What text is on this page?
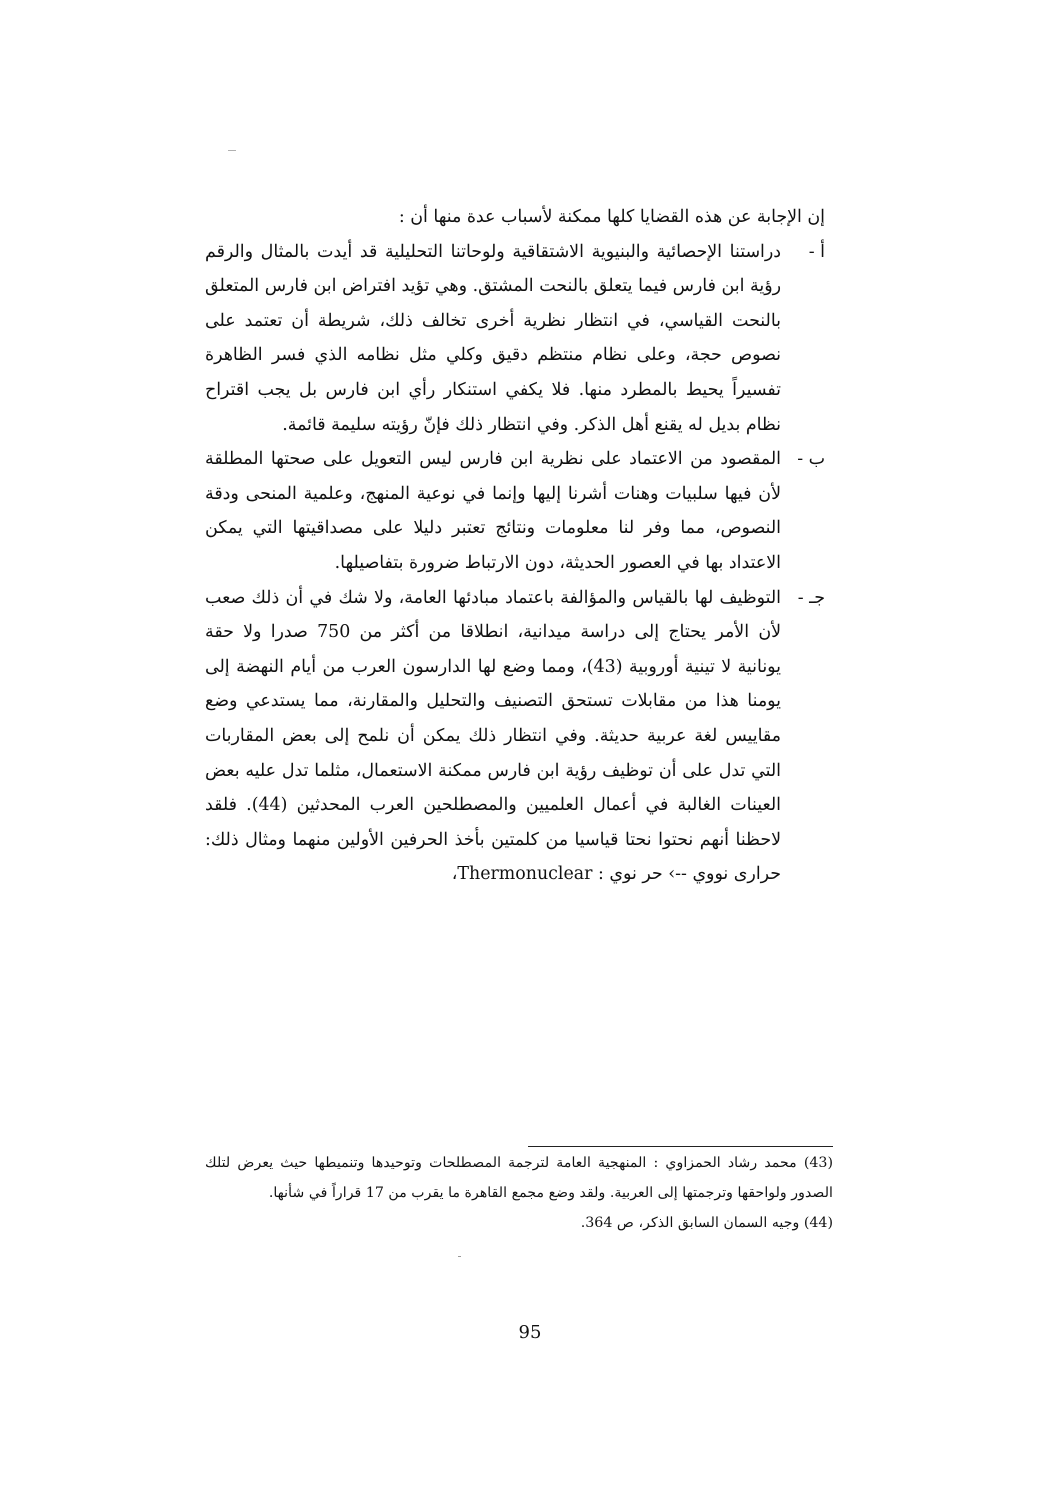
إن الإجابة عن هذه القضايا كلها ممكنة لأسباب عدة منها أن :

أ -

دراستنا الإحصائية والبنيوية الاشتقاقية ولوحاتنا التحليلية قد أيدت بالمثال والرقم رؤية ابن فارس فيما يتعلق بالنحت المشتق. وهي تؤيد افتراض ابن فارس المتعلق بالنحت القياسي، في انتظار نظرية أخرى تخالف ذلك، شريطة أن تعتمد على نصوص حجة، وعلى نظام منتظم دقيق وكلي مثل نظامه الذي فسر الظاهرة تفسيراً يحيط بالمطرد منها. فلا يكفي استنكار رأي ابن فارس بل يجب اقتراح نظام بديل له يقنع أهل الذكر. وفي انتظار ذلك فإنّ رؤيته سليمة قائمة.

ب -

المقصود من الاعتماد على نظرية ابن فارس ليس التعويل على صحتها المطلقة لأن فيها سلبيات وهنات أشرنا إليها وإنما في نوعية المنهج، وعلمية المنحى ودقة النصوص، مما وفر لنا معلومات ونتائج تعتبر دليلا على مصداقيتها التي يمكن الاعتداد بها في العصور الحديثة، دون الارتباط ضرورة بتفاصيلها.

جـ -

التوظيف لها بالقياس والمؤالفة باعتماد مبادئها العامة، ولا شك في أن ذلك صعب لأن الأمر يحتاج إلى دراسة ميدانية، انطلاقا من أكثر من 750 صدرا ولا حقة يونانية لا تينية أوروبية (43)، ومما وضع لها الدارسون العرب من أيام النهضة إلى يومنا هذا من مقابلات تستحق التصنيف والتحليل والمقارنة، مما يستدعي وضع مقاييس لغة عربية حديثة. وفي انتظار ذلك يمكن أن نلمح إلى بعض المقاربات التي تدل على أن توظيف رؤية ابن فارس ممكنة الاستعمال، مثلما تدل عليه بعض العينات الغالبة في أعمال العلميين والمصطلحين العرب المحدثين (44). فلقد لاحظنا أنهم نحتوا نحتا قياسيا من كلمتين بأخذ الحرفين الأولين منهما ومثال ذلك: حرارى نووي --› حر نوي : Thermonuclear،

(43) محمد رشاد الحمزاوي : المنهجية العامة لترجمة المصطلحات وتوحيدها وتنميطها حيث يعرض لتلك الصدور ولواحقها وترجمتها إلى العربية. ولقد وضع مجمع القاهرة ما يقرب من 17 قراراً في شأنها.

(44) وجيه السمان السابق الذكر، ص 364.

95
